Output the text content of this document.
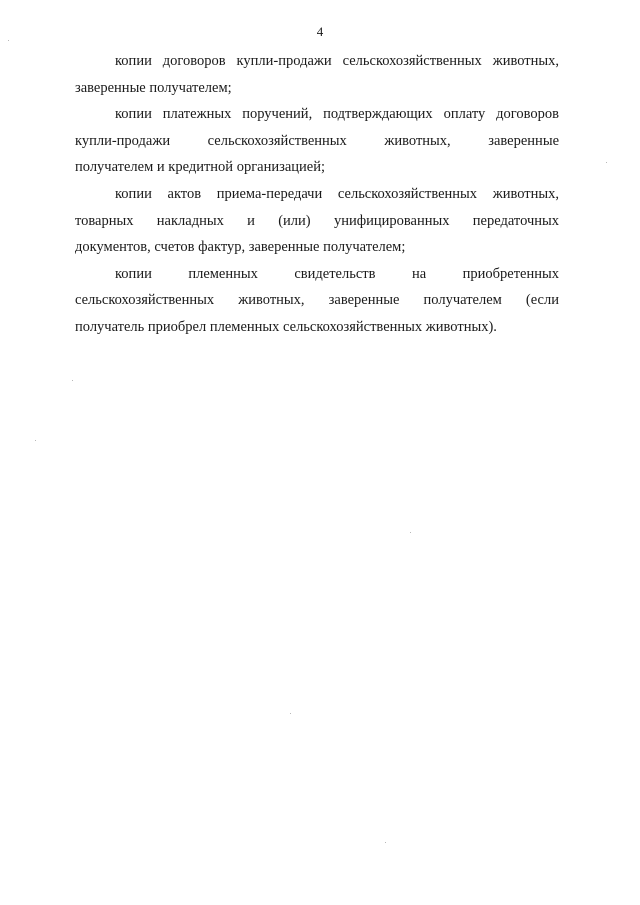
4
копии договоров купли-продажи сельскохозяйственных животных,
заверенные получателем;
копии платежных поручений, подтверждающих оплату договоров
купли-продажи сельскохозяйственных животных, заверенные
получателем и кредитной организацией;
копии актов приема-передачи сельскохозяйственных животных,
товарных накладных и (или) унифицированных передаточных
документов, счетов фактур, заверенные получателем;
копии племенных свидетельств на приобретенных
сельскохозяйственных животных, заверенные получателем (если
получатель приобрел племенных сельскохозяйственных животных).
